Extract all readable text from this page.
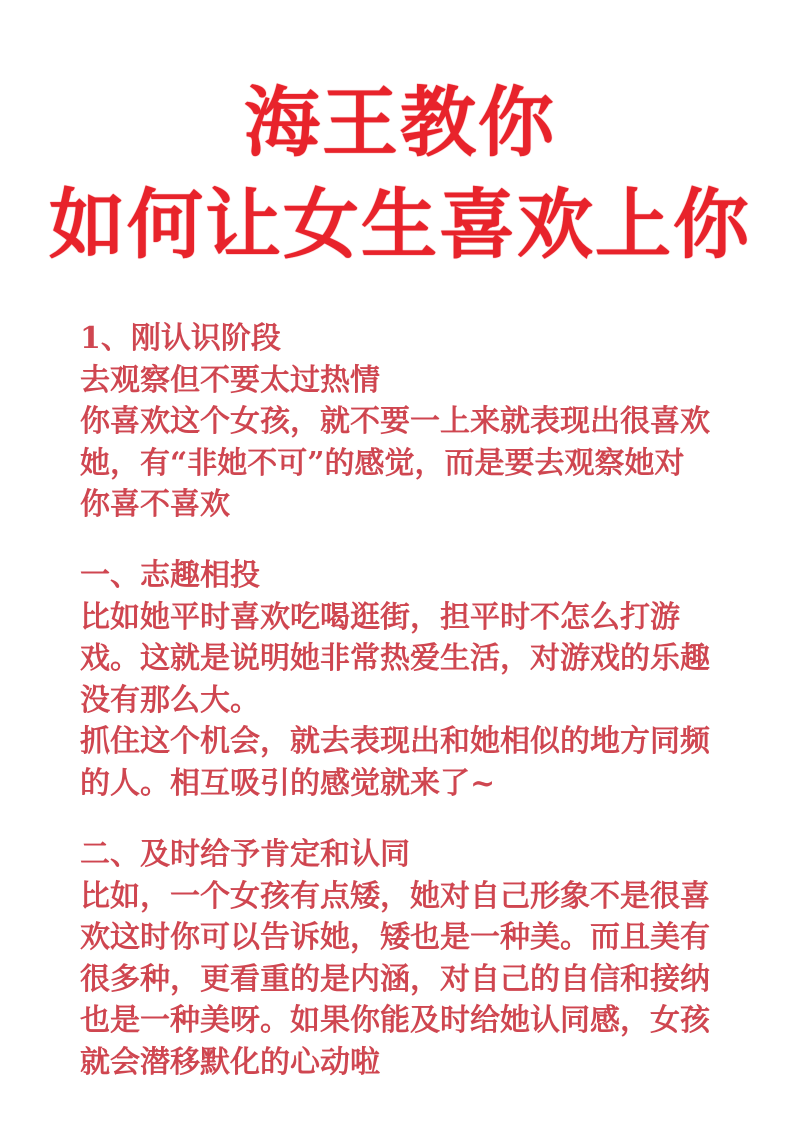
海王教你
如何让女生喜欢上你
1、刚认识阶段
去观察但不要太过热情
你喜欢这个女孩，就不要一上来就表现出很喜欢
她，有“非她不可”的感觉，而是要去观察她对
你喜不喜欢
一、志趣相投
比如她平时喜欢吃喝逛街，担平时不怎么打游
戏。这就是说明她非常热爱生活，对游戏的乐趣
没有那么大。
抓住这个机会，就去表现出和她相似的地方同频
的人。相互吸引的感觉就来了~
二、及时给予肯定和认同
比如，一个女孩有点矮，她对自己形象不是很喜
欢这时你可以告诉她，矮也是一种美。而且美有
很多种，更看重的是内涵，对自己的自信和接纳
也是一种美呀。如果你能及时给她认同感，女孩
就会潜移默化的心动啦
